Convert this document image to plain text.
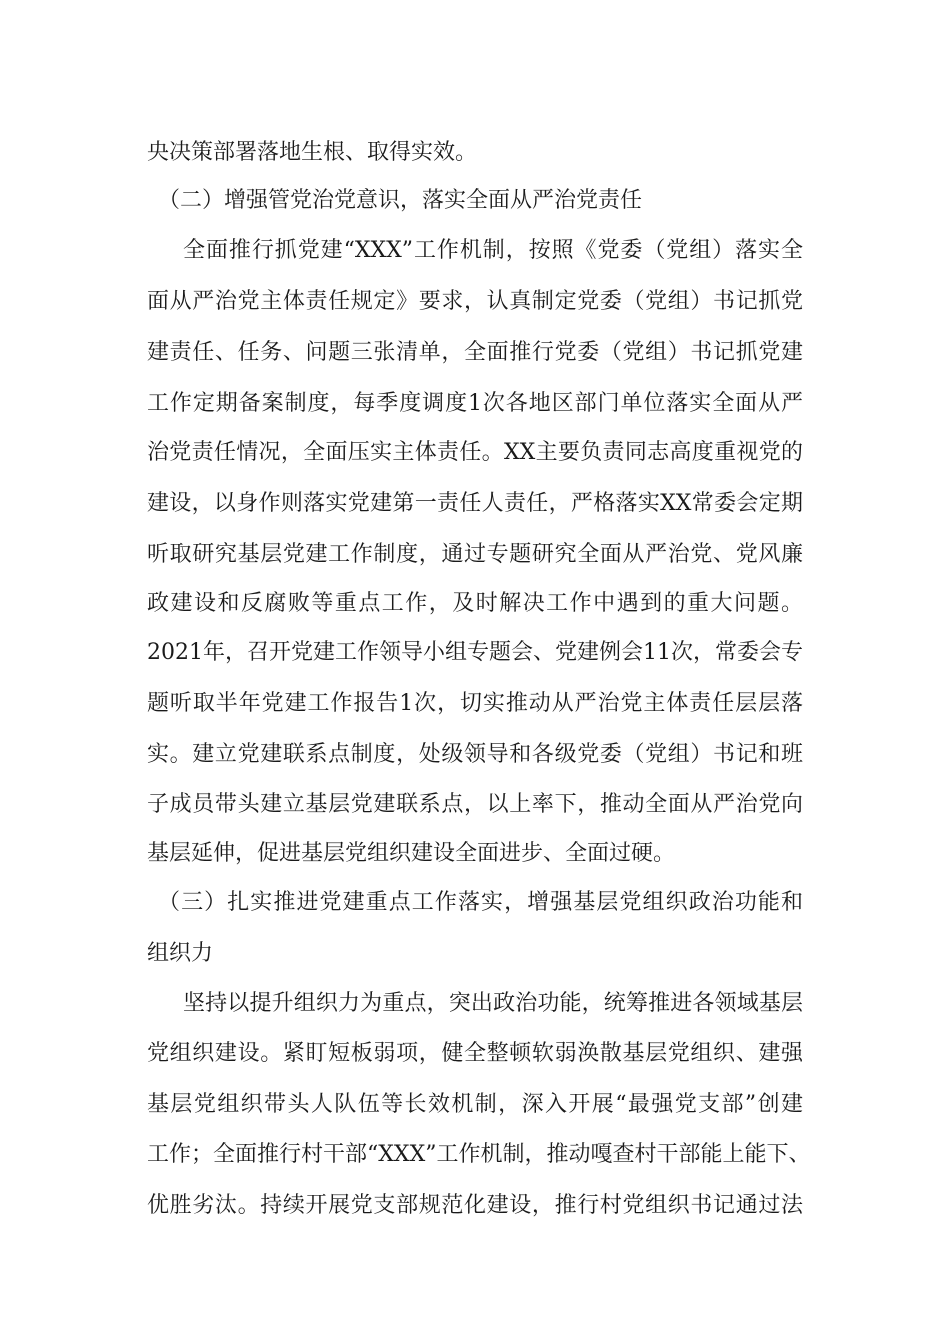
央决策部署落地生根、取得实效。
（二）增强管党治党意识，落实全面从严治党责任
全面推行抓党建“XXX”工作机制，按照《党委（党组）落实全
面从严治党主体责任规定》要求，认真制定党委（党组）书记抓党
建责任、任务、问题三张清单，全面推行党委（党组）书记抓党建
工作定期备案制度，每季度调度1次各地区部门单位落实全面从严
治党责任情况，全面压实主体责任。XX主要负责同志高度重视党的
建设，以身作则落实党建第一责任人责任，严格落实XX常委会定期
听取研究基层党建工作制度，通过专题研究全面从严治党、党风廉
政建设和反腐败等重点工作，及时解决工作中遇到的重大问题。
2021年，召开党建工作领导小组专题会、党建例会11次，常委会专
题听取半年党建工作报告1次，切实推动从严治党主体责任层层落
实。建立党建联系点制度，处级领导和各级党委（党组）书记和班
子成员带头建立基层党建联系点，以上率下，推动全面从严治党向
基层延伸，促进基层党组织建设全面进步、全面过硬。
（三）扎实推进党建重点工作落实，增强基层党组织政治功能和
组织力
坚持以提升组织力为重点，突出政治功能，统筹推进各领域基层
党组织建设。紧盯短板弱项，健全整顿软弱涣散基层党组织、建强
基层党组织带头人队伍等长效机制，深入开展“最强党支部”创建
工作；全面推行村干部“XXX”工作机制，推动嘎查村干部能上能下、
优胜劣汰。持续开展党支部规范化建设，推行村党组织书记通过法
